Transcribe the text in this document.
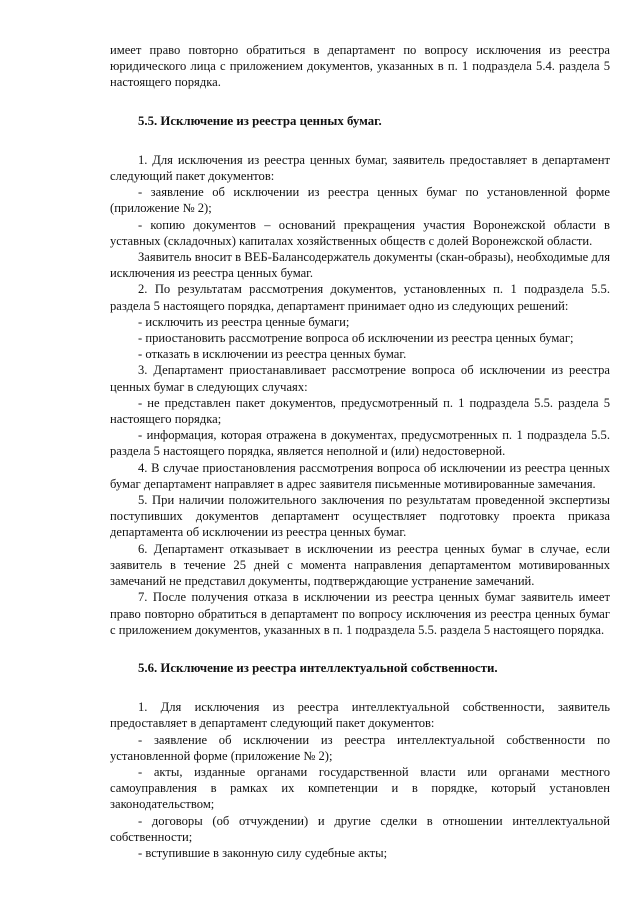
имеет право повторно обратиться в департамент по вопросу исключения из реестра юридического лица с приложением документов, указанных в п. 1 подраздела 5.4. раздела 5 настоящего порядка.

5.5. Исключение из реестра ценных бумаг.

1. Для исключения из реестра ценных бумаг, заявитель предоставляет в департамент следующий пакет документов:

- заявление об исключении из реестра ценных бумаг по установленной форме (приложение № 2);

- копию документов – оснований прекращения участия Воронежской области в уставных (складочных) капиталах хозяйственных обществ с долей Воронежской области.

Заявитель вносит в ВЕБ-Балансодержатель документы (скан-образы), необходимые для исключения из реестра ценных бумаг.

2. По результатам рассмотрения документов, установленных п. 1 подраздела 5.5. раздела 5 настоящего порядка, департамент принимает одно из следующих решений:

- исключить из реестра ценные бумаги;

- приостановить рассмотрение вопроса об исключении из реестра ценных бумаг;

- отказать в исключении из реестра ценных бумаг.

3. Департамент приостанавливает рассмотрение вопроса об исключении из реестра ценных бумаг в следующих случаях:

- не представлен пакет документов, предусмотренный п. 1 подраздела 5.5. раздела 5 настоящего порядка;

- информация, которая отражена в документах, предусмотренных п. 1 подраздела 5.5. раздела 5 настоящего порядка, является неполной и (или) недостоверной.

4. В случае приостановления рассмотрения вопроса об исключении из реестра ценных бумаг департамент направляет в адрес заявителя письменные мотивированные замечания.

5. При наличии положительного заключения по результатам проведенной экспертизы поступивших документов департамент осуществляет подготовку проекта приказа департамента об исключении из реестра ценных бумаг.

6. Департамент отказывает в исключении из реестра ценных бумаг в случае, если заявитель в течение 25 дней с момента направления департаментом мотивированных замечаний не представил документы, подтверждающие устранение замечаний.

7. После получения отказа в исключении из реестра ценных бумаг заявитель имеет право повторно обратиться в департамент по вопросу исключения из реестра ценных бумаг с приложением документов, указанных в п. 1 подраздела 5.5. раздела 5 настоящего порядка.

5.6. Исключение из реестра интеллектуальной собственности.

1. Для исключения из реестра интеллектуальной собственности, заявитель предоставляет в департамент следующий пакет документов:

- заявление об исключении из реестра интеллектуальной собственности по установленной форме (приложение № 2);

- акты, изданные органами государственной власти или органами местного самоуправления в рамках их компетенции и в порядке, который установлен законодательством;

- договоры (об отчуждении) и другие сделки в отношении интеллектуальной собственности;

- вступившие в законную силу судебные акты;
